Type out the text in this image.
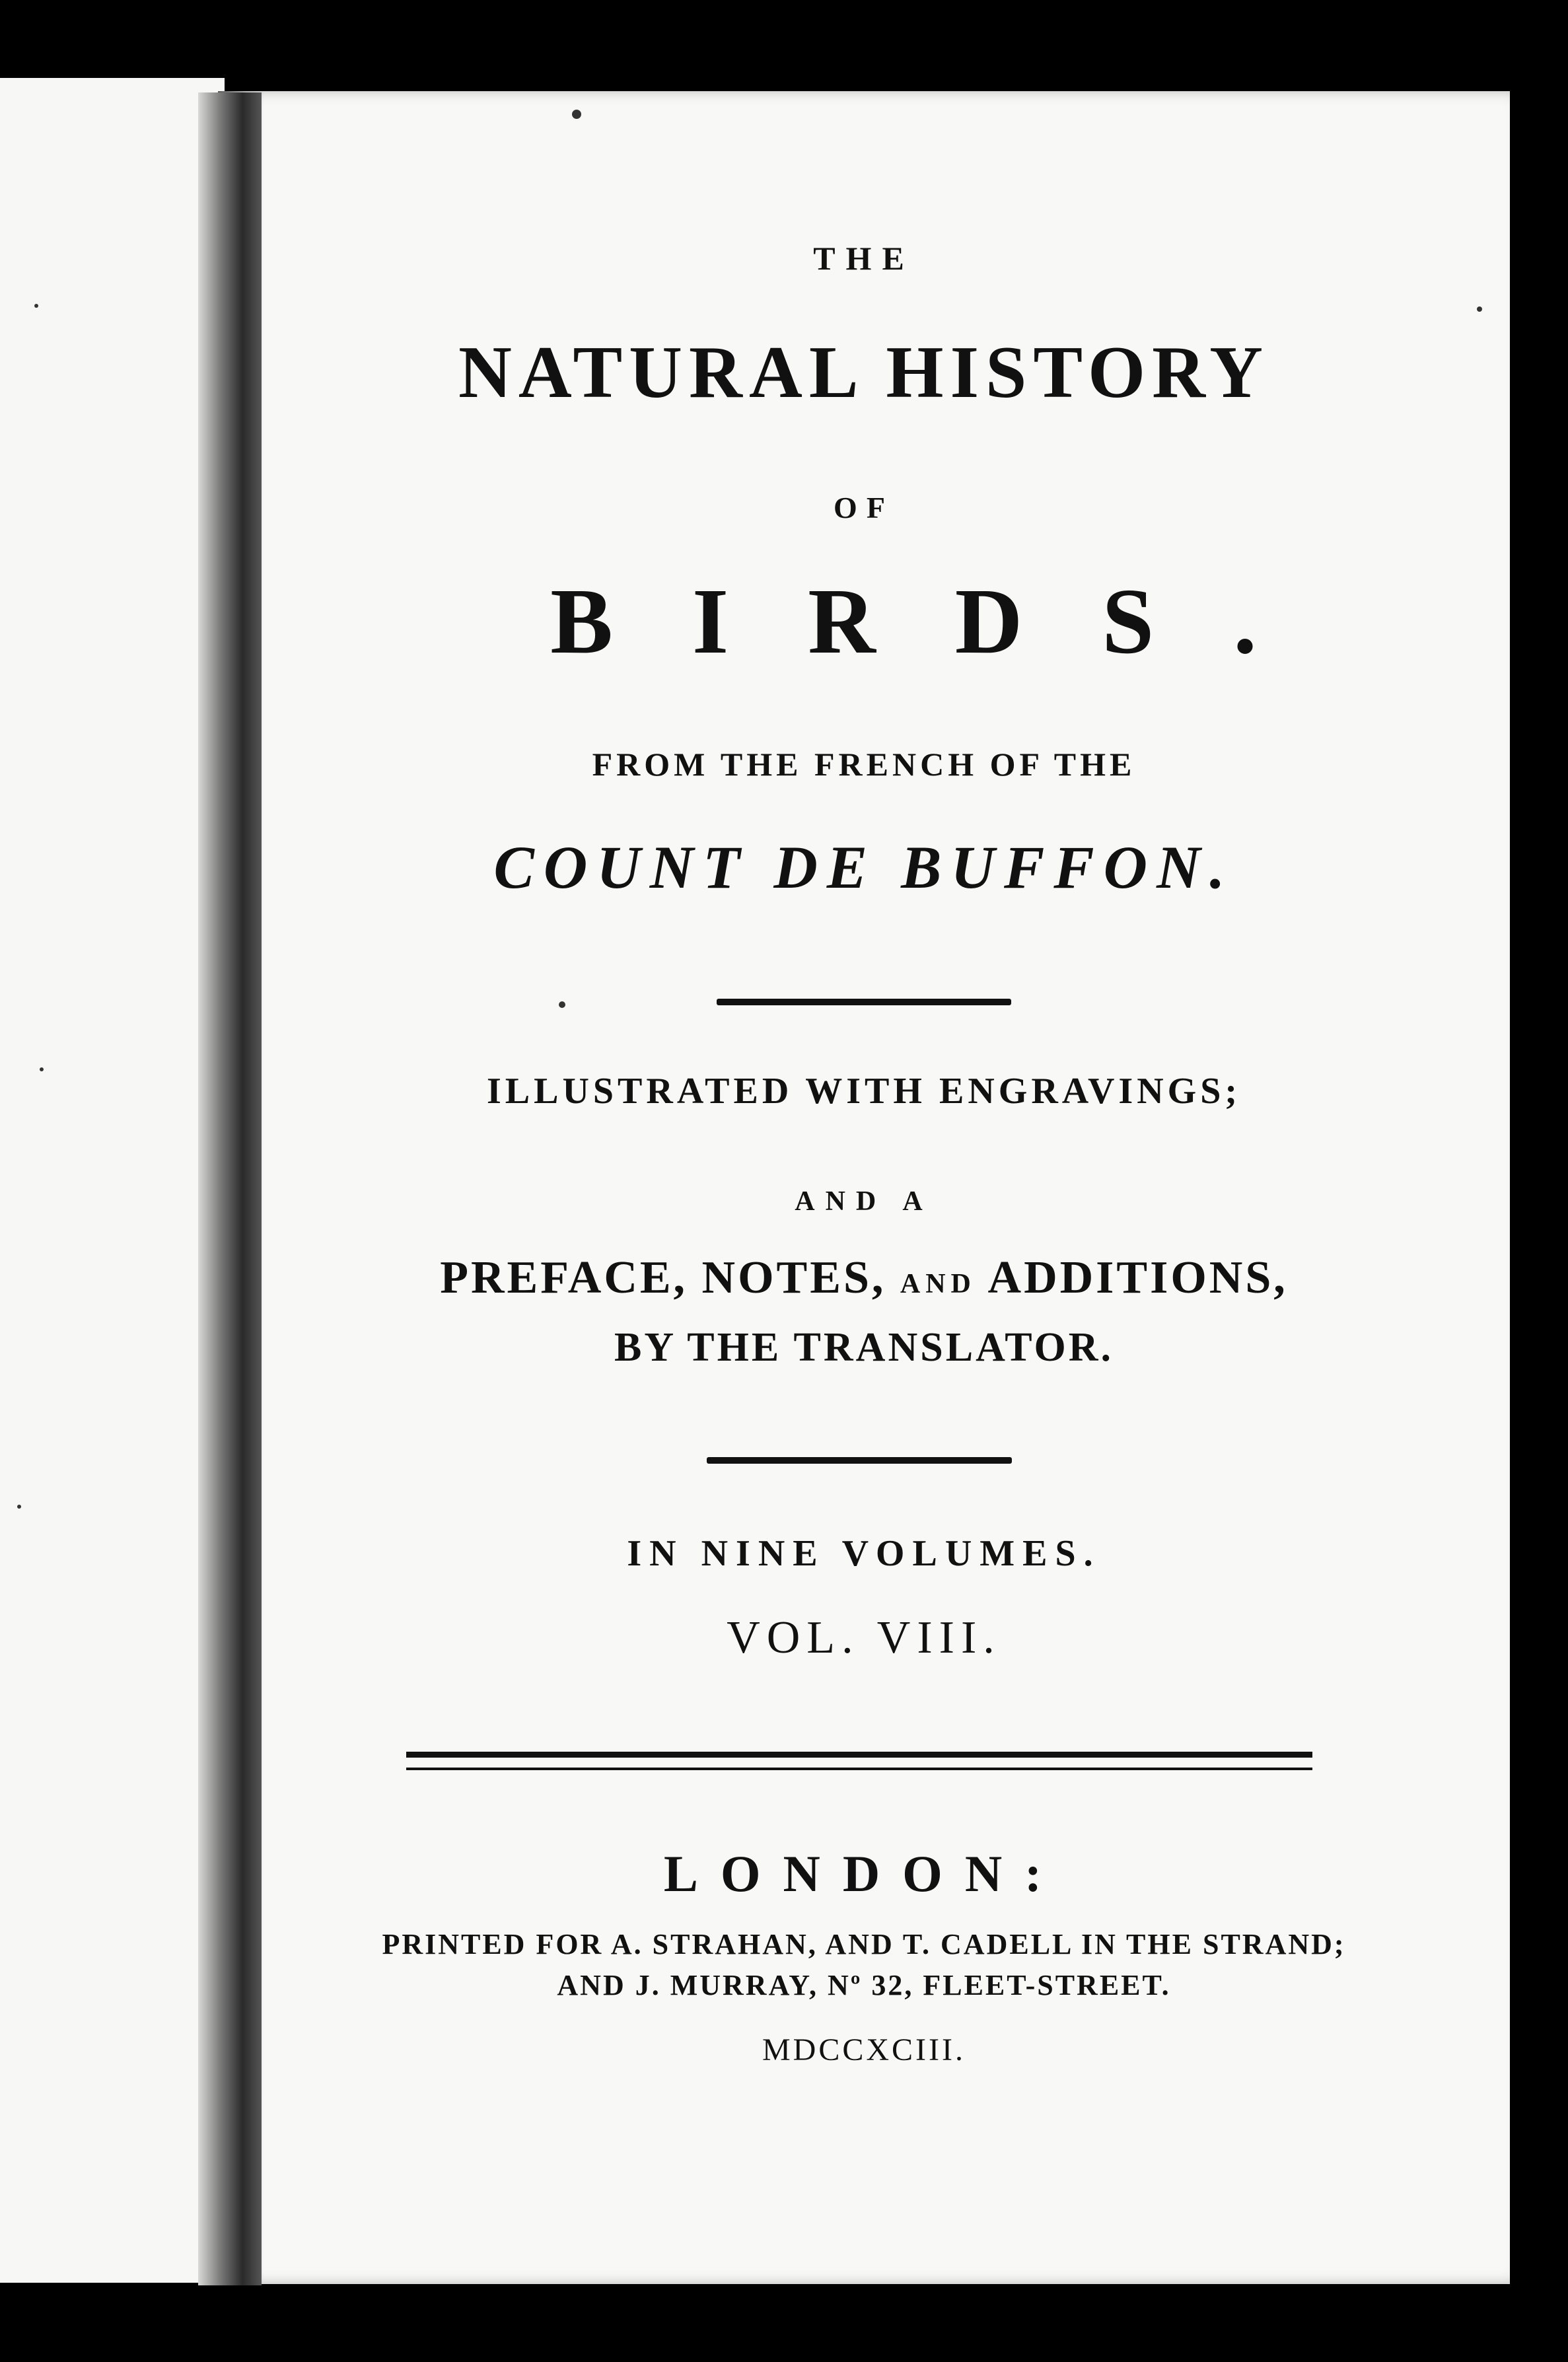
THE
NATURAL HISTORY
OF
BIRDS.
FROM THE FRENCH OF THE
COUNT DE BUFFON.
ILLUSTRATED WITH ENGRAVINGS;
AND A
PREFACE, NOTES, AND ADDITIONS,
BY THE TRANSLATOR.
IN NINE VOLUMES.
VOL. VIII.
LONDON:
PRINTED FOR A. STRAHAN, AND T. CADELL IN THE STRAND;
AND J. MURRAY, Nº 32, FLEET-STREET.
MDCCXCIII.
